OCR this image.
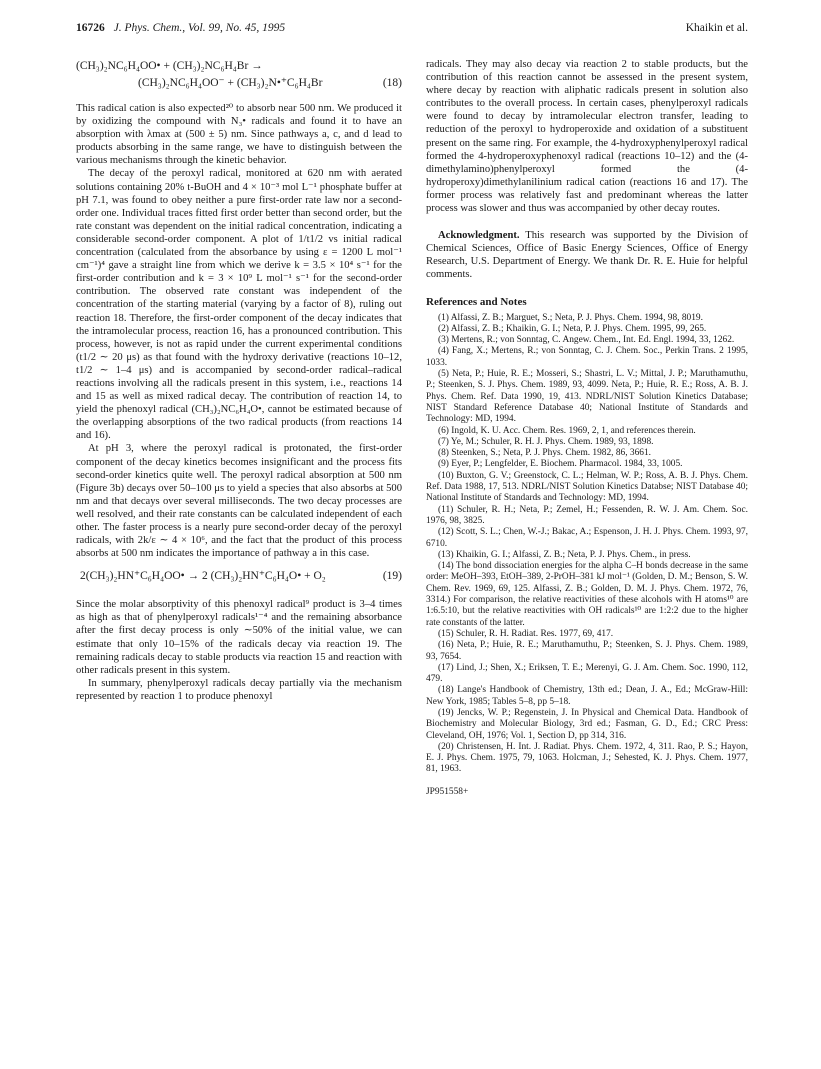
16726 J. Phys. Chem., Vol. 99, No. 45, 1995	Khaikin et al.
(CH₃)₂NC₆H₄OO• + (CH₃)₂NC₆H₄Br →
(CH₃)₂NC₆H₄OO⁻ + (CH₃)₂N•⁺C₆H₄Br	(18)

This radical cation is also expected²⁰ to absorb near 500 nm. We produced it by oxidizing the compound with N₃• radicals and found it to have an absorption with λmax at (500 ± 5) nm. Since pathways a, c, and d lead to products absorbing in the same range, we have to distinguish between the various mechanisms through the kinetic behavior.

The decay of the peroxyl radical, monitored at 620 nm with aerated solutions containing 20% t-BuOH and 4 × 10⁻³ mol L⁻¹ phosphate buffer at pH 7.1, was found to obey neither a pure first-order rate law nor a second-order one. Individual traces fitted first order better than second order, but the rate constant was dependent on the initial radical concentration, indicating a considerable second-order component. A plot of 1/t1/2 vs initial radical concentration (calculated from the absorbance by using ε = 1200 L mol⁻¹ cm⁻¹)⁴ gave a straight line from which we derive k = 3.5 × 10⁴ s⁻¹ for the first-order contribution and k = 3 × 10⁹ L mol⁻¹ s⁻¹ for the second-order contribution. The observed rate constant was independent of the concentration of the starting material (varying by a factor of 8), ruling out reaction 18. Therefore, the first-order component of the decay indicates that the intramolecular process, reaction 16, has a pronounced contribution. This process, however, is not as rapid under the current experimental conditions (t1/2 ∼ 20 μs) as that found with the hydroxy derivative (reactions 10–12, t1/2 ∼ 1–4 μs) and is accompanied by second-order radical–radical reactions involving all the radicals present in this system, i.e., reactions 14 and 15 as well as mixed radical decay. The contribution of reaction 14, to yield the phenoxyl radical (CH₃)₂NC₆H₄O•, cannot be estimated because of the overlapping absorptions of the two radical products (from reactions 14 and 16).

At pH 3, where the peroxyl radical is protonated, the first-order component of the decay kinetics becomes insignificant and the process fits second-order kinetics quite well. The peroxyl radical absorption at 500 nm (Figure 3b) decays over 50–100 μs to yield a species that also absorbs at 500 nm and that decays over several milliseconds. The two decay processes are well resolved, and their rate constants can be calculated independent of each other. The faster process is a nearly pure second-order decay of the peroxyl radicals, with 2k/ε ∼ 4 × 10⁶, and the fact that the product of this process absorbs at 500 nm indicates the importance of pathway a in this case.

2(CH₃)₂HN⁺C₆H₄OO• → 2 (CH₃)₂HN⁺C₆H₄O• + O₂	(19)

Since the molar absorptivity of this phenoxyl radical⁹ product is 3–4 times as high as that of phenylperoxyl radicals¹⁻⁴ and the remaining absorbance after the first decay process is only ∼50% of the initial value, we can estimate that only 10–15% of the radicals decay via reaction 19. The remaining radicals decay to stable products via reaction 15 and reaction with other radicals present in this system.

In summary, phenylperoxyl radicals decay partially via the mechanism represented by reaction 1 to produce phenoxyl

radicals. They may also decay via reaction 2 to stable products, but the contribution of this reaction cannot be assessed in the present system, where decay by reaction with aliphatic radicals present in solution also contributes to the overall process. In certain cases, phenylperoxyl radicals were found to decay by intramolecular electron transfer, leading to reduction of the peroxyl to hydroperoxide and oxidation of a substituent present on the same ring. For example, the 4-hydroxyphenylperoxyl radical formed the 4-hydroperoxyphenoxyl radical (reactions 10–12) and the (4-dimethylamino)phenylperoxyl formed the (4-hydroperoxy)dimethylanilinium radical cation (reactions 16 and 17). The former process was relatively fast and predominant whereas the latter process was slower and thus was accompanied by other decay routes.

Acknowledgment. This research was supported by the Division of Chemical Sciences, Office of Basic Energy Sciences, Office of Energy Research, U.S. Department of Energy. We thank Dr. R. E. Huie for helpful comments.

References and Notes

(1) Alfassi, Z. B.; Marguet, S.; Neta, P. J. Phys. Chem. 1994, 98, 8019.

(2) Alfassi, Z. B.; Khaikin, G. I.; Neta, P. J. Phys. Chem. 1995, 99, 265.

(3) Mertens, R.; von Sonntag, C. Angew. Chem., Int. Ed. Engl. 1994, 33, 1262.

(4) Fang, X.; Mertens, R.; von Sonntag, C. J. Chem. Soc., Perkin Trans. 2 1995, 1033.

(5) Neta, P.; Huie, R. E.; Mosseri, S.; Shastri, L. V.; Mittal, J. P.; Maruthamuthu, P.; Steenken, S. J. Phys. Chem. 1989, 93, 4099. Neta, P.; Huie, R. E.; Ross, A. B. J. Phys. Chem. Ref. Data 1990, 19, 413. NDRL/NIST Solution Kinetics Database; NIST Standard Reference Database 40; National Institute of Standards and Technology: MD, 1994.

(6) Ingold, K. U. Acc. Chem. Res. 1969, 2, 1, and references therein.

(7) Ye, M.; Schuler, R. H. J. Phys. Chem. 1989, 93, 1898.

(8) Steenken, S.; Neta, P. J. Phys. Chem. 1982, 86, 3661.

(9) Eyer, P.; Lengfelder, E. Biochem. Pharmacol. 1984, 33, 1005.

(10) Buxton, G. V.; Greenstock, C. L.; Helman, W. P.; Ross, A. B. J. Phys. Chem. Ref. Data 1988, 17, 513. NDRL/NIST Solution Kinetics Databse; NIST Database 40; National Institute of Standards and Technology: MD, 1994.

(11) Schuler, R. H.; Neta, P.; Zemel, H.; Fessenden, R. W. J. Am. Chem. Soc. 1976, 98, 3825.

(12) Scott, S. L.; Chen, W.-J.; Bakac, A.; Espenson, J. H. J. Phys. Chem. 1993, 97, 6710.

(13) Khaikin, G. I.; Alfassi, Z. B.; Neta, P. J. Phys. Chem., in press.

(14) The bond dissociation energies for the alpha C–H bonds decrease in the same order: MeOH–393, EtOH–389, 2-PrOH–381 kJ mol⁻¹ (Golden, D. M.; Benson, S. W. Chem. Rev. 1969, 69, 125. Alfassi, Z. B.; Golden, D. M. J. Phys. Chem. 1972, 76, 3314.) For comparison, the relative reactivities of these alcohols with H atoms¹⁰ are 1:6.5:10, but the relative reactivities with OH radicals¹⁰ are 1:2:2 due to the higher rate constants of the latter.

(15) Schuler, R. H. Radiat. Res. 1977, 69, 417.

(16) Neta, P.; Huie, R. E.; Maruthamuthu, P.; Steenken, S. J. Phys. Chem. 1989, 93, 7654.

(17) Lind, J.; Shen, X.; Eriksen, T. E.; Merenyi, G. J. Am. Chem. Soc. 1990, 112, 479.

(18) Lange's Handbook of Chemistry, 13th ed.; Dean, J. A., Ed.; McGraw-Hill: New York, 1985; Tables 5–8, pp 5–18.

(19) Jencks, W. P.; Regenstein, J. In Physical and Chemical Data. Handbook of Biochemistry and Molecular Biology, 3rd ed.; Fasman, G. D., Ed.; CRC Press: Cleveland, OH, 1976; Vol. 1, Section D, pp 314, 316.

(20) Christensen, H. Int. J. Radiat. Phys. Chem. 1972, 4, 311. Rao, P. S.; Hayon, E. J. Phys. Chem. 1975, 79, 1063. Holcman, J.; Sehested, K. J. Phys. Chem. 1977, 81, 1963.

JP951558+
